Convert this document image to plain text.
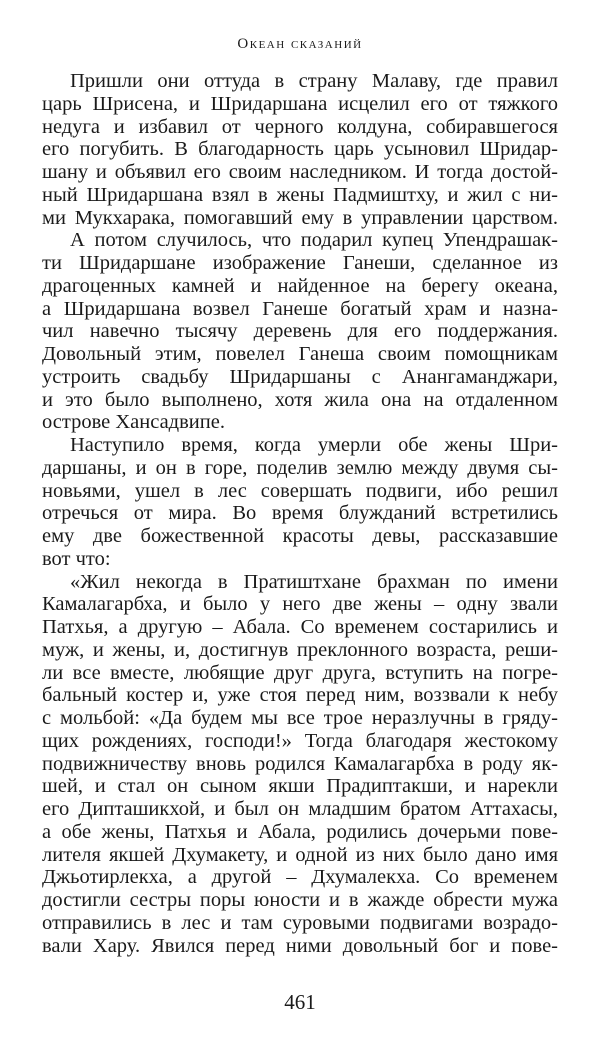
Океан сказаний
Пришли они оттуда в страну Малаву, где правил
царь Шрисена, и Шридаршана исцелил его от тяжкого
недуга и избавил от черного колдуна, собиравшегося
его погубить. В благодарность царь усыновил Шридар-
шану и объявил его своим наследником. И тогда достой-
ный Шридаршана взял в жены Падмиштху, и жил с ни-
ми Мукхарака, помогавший ему в управлении царством.
А потом случилось, что подарил купец Упендрашак-
ти Шридаршане изображение Ганеши, сделанное из
драгоценных камней и найденное на берегу океана,
а Шридаршана возвел Ганеше богатый храм и назна-
чил навечно тысячу деревень для его поддержания.
Довольный этим, повелел Ганеша своим помощникам
устроить свадьбу Шридаршаны с Анангаманджари,
и это было выполнено, хотя жила она на отдаленном
острове Хансадвипе.
Наступило время, когда умерли обе жены Шри-
даршаны, и он в горе, поделив землю между двумя сы-
новьями, ушел в лес совершать подвиги, ибо решил
отречься от мира. Во время блужданий встретились
ему две божественной красоты девы, рассказавшие
вот что:
«Жил некогда в Пратиштхане брахман по имени
Камалагарбха, и было у него две жены – одну звали
Патхья, а другую – Абала. Со временем состарились и
муж, и жены, и, достигнув преклонного возраста, реши-
ли все вместе, любящие друг друга, вступить на погре-
бальный костер и, уже стоя перед ним, воззвали к небу
с мольбой: «Да будем мы все трое неразлучны в гряду-
щих рождениях, господи!» Тогда благодаря жестокому
подвижничеству вновь родился Камалагарбха в роду як-
шей, и стал он сыном якши Прадиптакши, и нарекли
его Дипташикхой, и был он младшим братом Аттахасы,
а обе жены, Патхья и Абала, родились дочерьми пове-
лителя якшей Дхумакету, и одной из них было дано имя
Джьотирлекха, а другой – Дхумалекха. Со временем
достигли сестры поры юности и в жажде обрести мужа
отправились в лес и там суровыми подвигами возрадо-
вали Хару. Явился перед ними довольный бог и пове-
461
